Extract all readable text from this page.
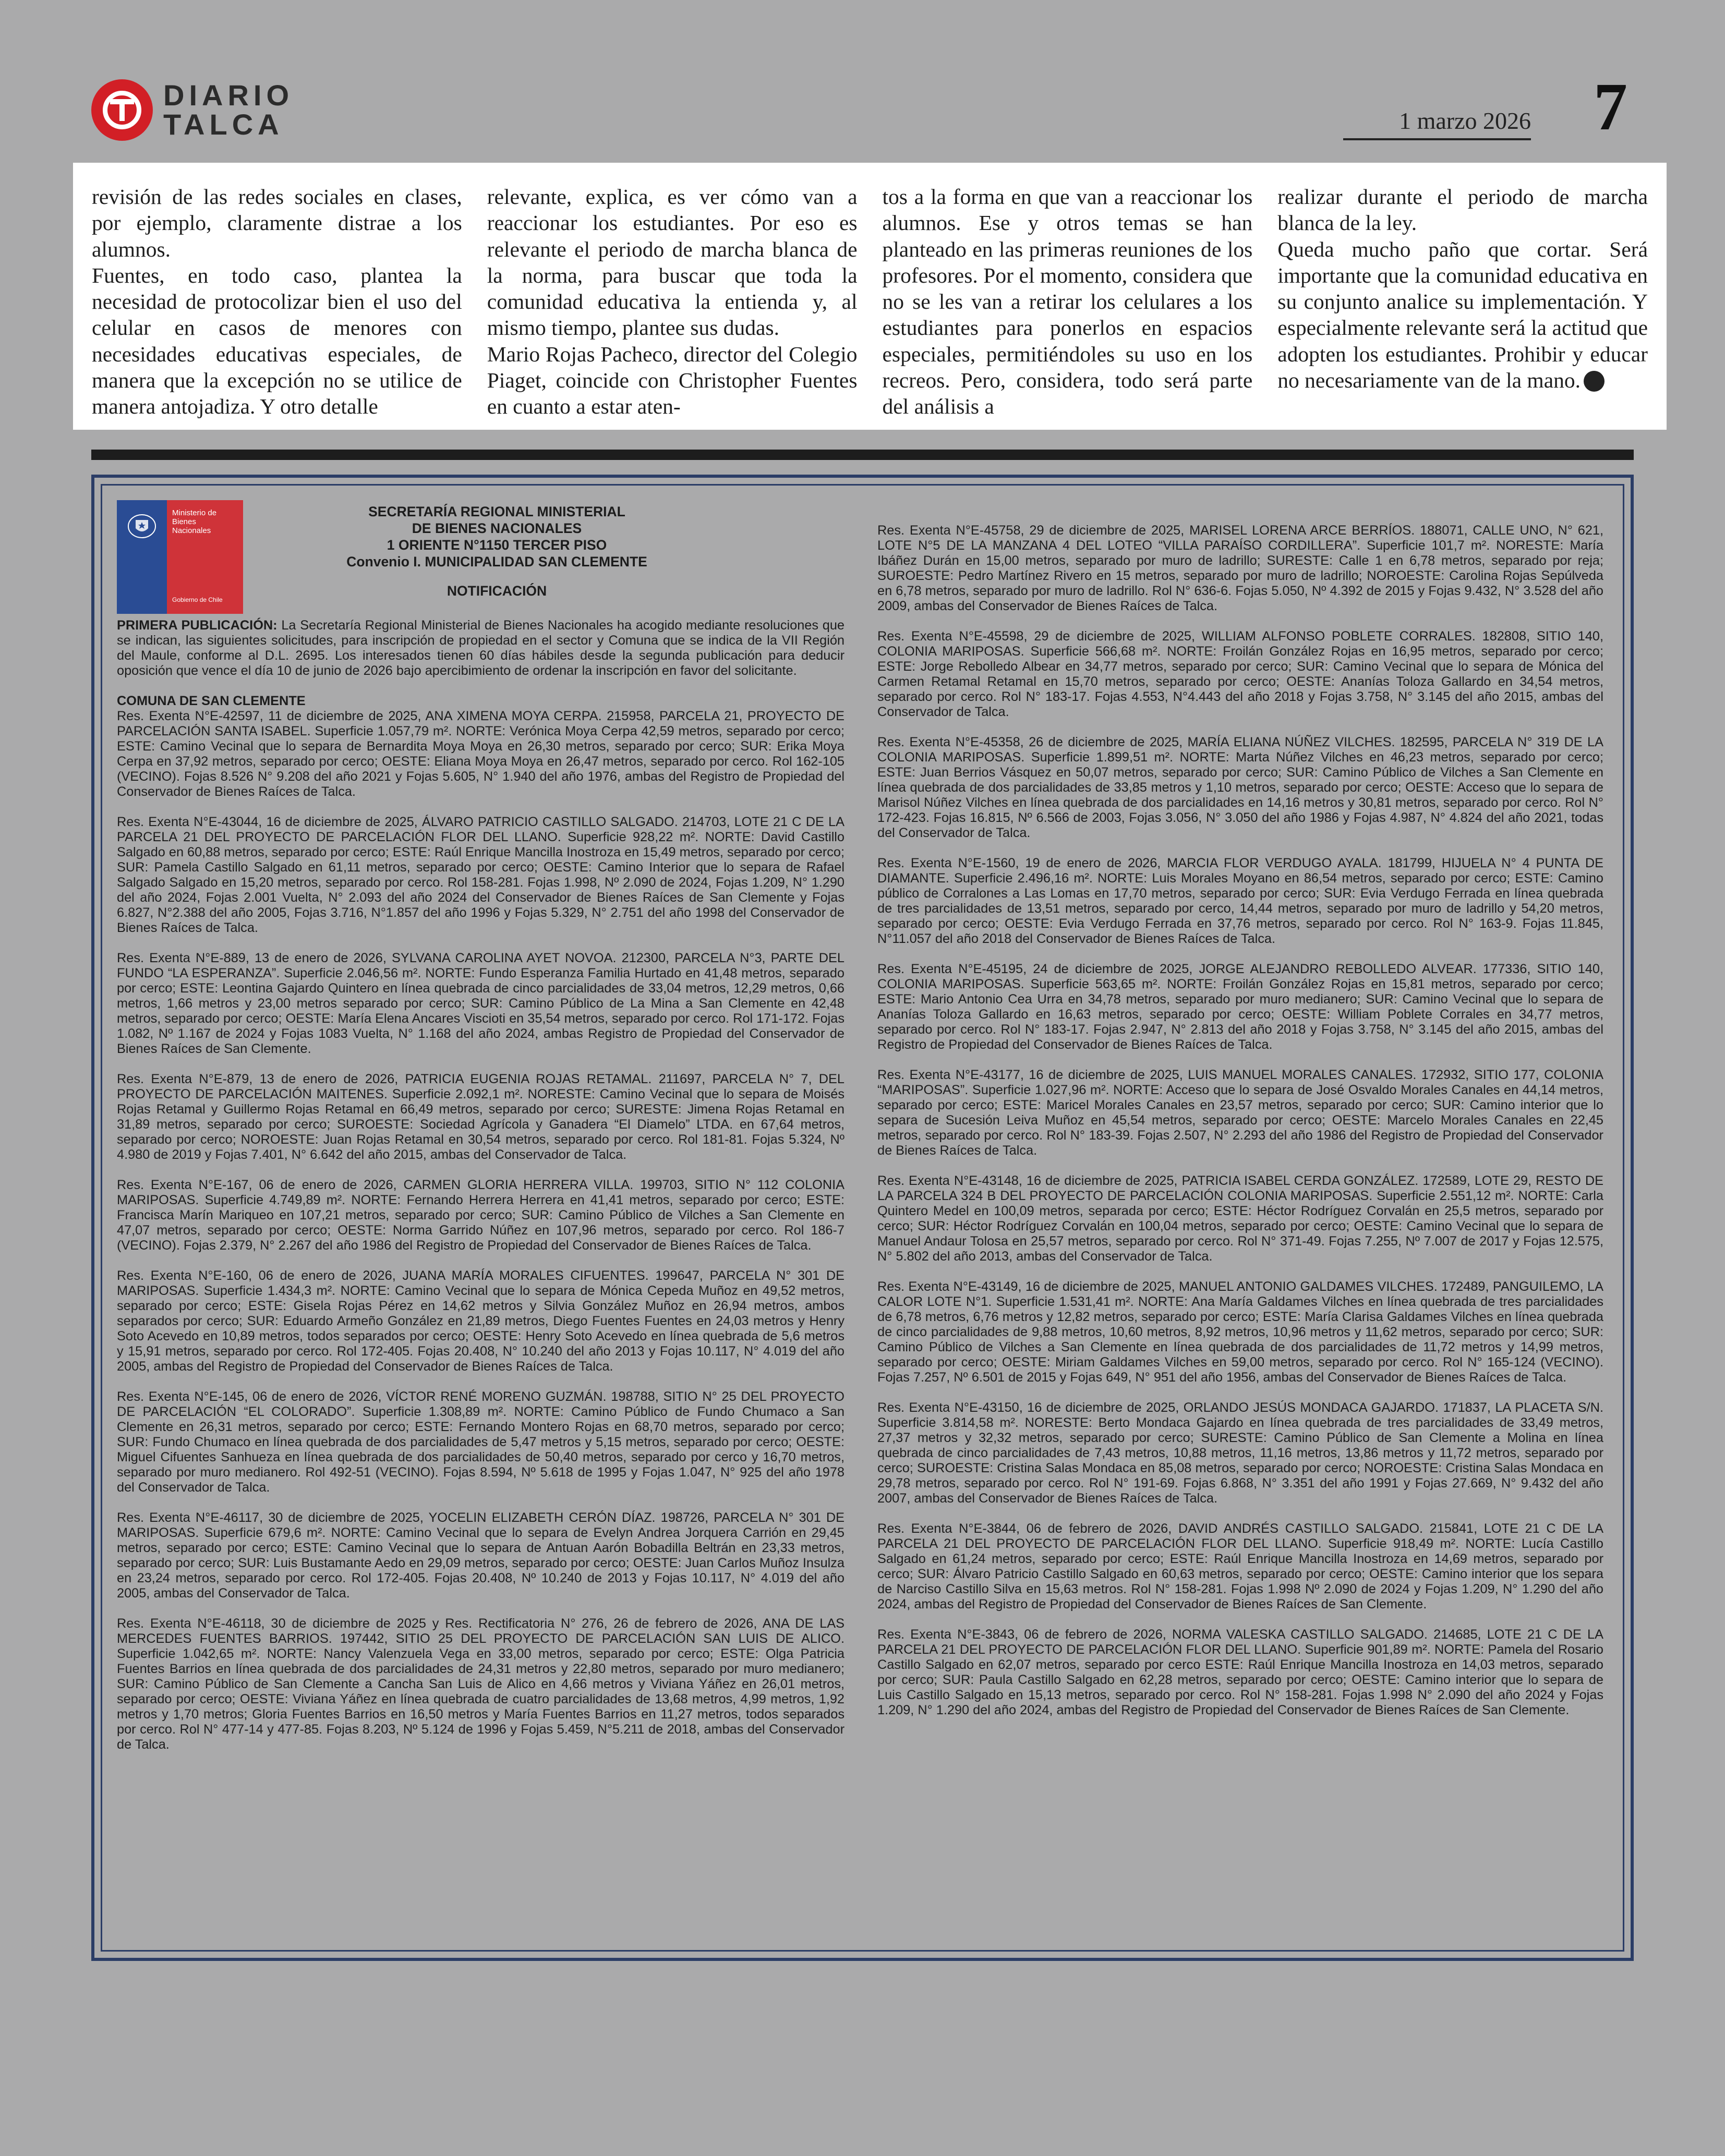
DIARIO
TALCA	1 marzo 2026 7
revisión de las redes sociales en clases, por ejemplo, claramente distrae a los alumnos.
Fuentes, en todo caso, plantea la necesidad de protocolizar bien el uso del celular en casos de menores con necesidades educativas especiales, de manera que la excepción no se utilice de manera antojadiza. Y otro detalle
relevante, explica, es ver cómo van a reaccionar los estudiantes. Por eso es relevante el periodo de marcha blanca de la norma, para buscar que toda la comunidad educativa la entienda y, al mismo tiempo, plantee sus dudas.
Mario Rojas Pacheco, director del Colegio Piaget, coincide con Christopher Fuentes en cuanto a estar aten-
tos a la forma en que van a reaccionar los alumnos. Ese y otros temas se han planteado en las primeras reuniones de los profesores. Por el momento, considera que no se les van a retirar los celulares a los estudiantes para ponerlos en espacios especiales, permitiéndoles su uso en los recreos. Pero, considera, todo será parte del análisis a
realizar durante el periodo de marcha blanca de la ley.
Queda mucho paño que cortar. Será importante que la comunidad educativa en su conjunto analice su implementación. Y especialmente relevante será la actitud que adopten los estudiantes. Prohibir y educar no necesariamente van de la mano.
Ministerio de
Bienes
Nacionales
Gobierno de Chile
SECRETARÍA REGIONAL MINISTERIAL
DE BIENES NACIONALES
1 ORIENTE N°1150 TERCER PISO
Convenio I. MUNICIPALIDAD SAN CLEMENTE
NOTIFICACIÓN

PRIMERA PUBLICACIÓN: La Secretaría Regional Ministerial de Bienes Nacionales ha acogido mediante resoluciones que se indican, las siguientes solicitudes, para inscripción de propiedad en el sector y Comuna que se indica de la VII Región del Maule, conforme al D.L. 2695. Los interesados tienen 60 días hábiles desde la segunda publicación para deducir oposición que vence el día 10 de junio de 2026 bajo apercibimiento de ordenar la inscripción en favor del solicitante.

COMUNA DE SAN CLEMENTE

Res. Exenta N°E-42597, 11 de diciembre de 2025, ANA XIMENA MOYA CERPA. 215958, PARCELA 21, PROYECTO DE PARCELACIÓN SANTA ISABEL. Superficie 1.057,79 m². NORTE: Verónica Moya Cerpa 42,59 metros, separado por cerco; ESTE: Camino Vecinal que lo separa de Bernardita Moya Moya en 26,30 metros, separado por cerco; SUR: Erika Moya Cerpa en 37,92 metros, separado por cerco; OESTE: Eliana Moya Moya en 26,47 metros, separado por cerco. Rol 162-105 (VECINO). Fojas 8.526 N° 9.208 del año 2021 y Fojas 5.605, N° 1.940 del año 1976, ambas del Registro de Propiedad del Conservador de Bienes Raíces de Talca.

Res. Exenta N°E-43044, 16 de diciembre de 2025, ÁLVARO PATRICIO CASTILLO SALGADO. 214703, LOTE 21 C DE LA PARCELA 21 DEL PROYECTO DE PARCELACIÓN FLOR DEL LLANO. Superficie 928,22 m². NORTE: David Castillo Salgado en 60,88 metros, separado por cerco; ESTE: Raúl Enrique Mancilla Inostroza en 15,49 metros, separado por cerco; SUR: Pamela Castillo Salgado en 61,11 metros, separado por cerco; OESTE: Camino Interior que lo separa de Rafael Salgado Salgado en 15,20 metros, separado por cerco. Rol 158-281. Fojas 1.998, Nº 2.090 de 2024, Fojas 1.209, N° 1.290 del año 2024, Fojas 2.001 Vuelta, N° 2.093 del año 2024 del Conservador de Bienes Raíces de San Clemente y Fojas 6.827, N°2.388 del año 2005, Fojas 3.716, N°1.857 del año 1996 y Fojas 5.329, N° 2.751 del año 1998 del Conservador de Bienes Raíces de Talca.

Res. Exenta N°E-889, 13 de enero de 2026, SYLVANA CAROLINA AYET NOVOA. 212300, PARCELA N°3, PARTE DEL FUNDO “LA ESPERANZA”. Superficie 2.046,56 m². NORTE: Fundo Esperanza Familia Hurtado en 41,48 metros, separado por cerco; ESTE: Leontina Gajardo Quintero en línea quebrada de cinco parcialidades de 33,04 metros, 12,29 metros, 0,66 metros, 1,66 metros y 23,00 metros separado por cerco; SUR: Camino Público de La Mina a San Clemente en 42,48 metros, separado por cerco; OESTE: María Elena Ancares Viscioti en 35,54 metros, separado por cerco. Rol 171-172. Fojas 1.082, Nº 1.167 de 2024 y Fojas 1083 Vuelta, N° 1.168 del año 2024, ambas Registro de Propiedad del Conservador de Bienes Raíces de San Clemente.

Res. Exenta N°E-879, 13 de enero de 2026, PATRICIA EUGENIA ROJAS RETAMAL. 211697, PARCELA N° 7, DEL PROYECTO DE PARCELACIÓN MAITENES. Superficie 2.092,1 m². NORESTE: Camino Vecinal que lo separa de Moisés Rojas Retamal y Guillermo Rojas Retamal en 66,49 metros, separado por cerco; SURESTE: Jimena Rojas Retamal en 31,89 metros, separado por cerco; SUROESTE: Sociedad Agrícola y Ganadera “El Diamelo” LTDA. en 67,64 metros, separado por cerco; NOROESTE: Juan Rojas Retamal en 30,54 metros, separado por cerco. Rol 181-81. Fojas 5.324, Nº 4.980 de 2019 y Fojas 7.401, N° 6.642 del año 2015, ambas del Conservador de Talca.

Res. Exenta N°E-167, 06 de enero de 2026, CARMEN GLORIA HERRERA VILLA. 199703, SITIO N° 112 COLONIA MARIPOSAS. Superficie 4.749,89 m². NORTE: Fernando Herrera Herrera en 41,41 metros, separado por cerco; ESTE: Francisca Marín Mariqueo en 107,21 metros, separado por cerco; SUR: Camino Público de Vilches a San Clemente en 47,07 metros, separado por cerco; OESTE: Norma Garrido Núñez en 107,96 metros, separado por cerco. Rol 186-7 (VECINO). Fojas 2.379, N° 2.267 del año 1986 del Registro de Propiedad del Conservador de Bienes Raíces de Talca.

Res. Exenta N°E-160, 06 de enero de 2026, JUANA MARÍA MORALES CIFUENTES. 199647, PARCELA N° 301 DE MARIPOSAS. Superficie 1.434,3 m². NORTE: Camino Vecinal que lo separa de Mónica Cepeda Muñoz en 49,52 metros, separado por cerco; ESTE: Gisela Rojas Pérez en 14,62 metros y Silvia González Muñoz en 26,94 metros, ambos separados por cerco; SUR: Eduardo Armeño González en 21,89 metros, Diego Fuentes Fuentes en 24,03 metros y Henry Soto Acevedo en 10,89 metros, todos separados por cerco; OESTE: Henry Soto Acevedo en línea quebrada de 5,6 metros y 15,91 metros, separado por cerco. Rol 172-405. Fojas 20.408, N° 10.240 del año 2013 y Fojas 10.117, N° 4.019 del año 2005, ambas del Registro de Propiedad del Conservador de Bienes Raíces de Talca.

Res. Exenta N°E-145, 06 de enero de 2026, VÍCTOR RENÉ MORENO GUZMÁN. 198788, SITIO N° 25 DEL PROYECTO DE PARCELACIÓN “EL COLORADO”. Superficie 1.308,89 m². NORTE: Camino Público de Fundo Chumaco a San Clemente en 26,31 metros, separado por cerco; ESTE: Fernando Montero Rojas en 68,70 metros, separado por cerco; SUR: Fundo Chumaco en línea quebrada de dos parcialidades de 5,47 metros y 5,15 metros, separado por cerco; OESTE: Miguel Cifuentes Sanhueza en línea quebrada de dos parcialidades de 50,40 metros, separado por cerco y 16,70 metros, separado por muro medianero. Rol 492-51 (VECINO). Fojas 8.594, Nº 5.618 de 1995 y Fojas 1.047, N° 925 del año 1978 del Conservador de Talca.

Res. Exenta N°E-46117, 30 de diciembre de 2025, YOCELIN ELIZABETH CERÓN DÍAZ. 198726, PARCELA N° 301 DE MARIPOSAS. Superficie 679,6 m². NORTE: Camino Vecinal que lo separa de Evelyn Andrea Jorquera Carrión en 29,45 metros, separado por cerco; ESTE: Camino Vecinal que lo separa de Antuan Aarón Bobadilla Beltrán en 23,33 metros, separado por cerco; SUR: Luis Bustamante Aedo en 29,09 metros, separado por cerco; OESTE: Juan Carlos Muñoz Insulza en 23,24 metros, separado por cerco. Rol 172-405. Fojas 20.408, Nº 10.240 de 2013 y Fojas 10.117, N° 4.019 del año 2005, ambas del Conservador de Talca.

Res. Exenta N°E-46118, 30 de diciembre de 2025 y Res. Rectificatoria N° 276, 26 de febrero de 2026, ANA DE LAS MERCEDES FUENTES BARRIOS. 197442, SITIO 25 DEL PROYECTO DE PARCELACIÓN SAN LUIS DE ALICO. Superficie 1.042,65 m². NORTE: Nancy Valenzuela Vega en 33,00 metros, separado por cerco; ESTE: Olga Patricia Fuentes Barrios en línea quebrada de dos parcialidades de 24,31 metros y 22,80 metros, separado por muro medianero; SUR: Camino Público de San Clemente a Cancha San Luis de Alico en 4,66 metros y Viviana Yáñez en 26,01 metros, separado por cerco; OESTE: Viviana Yáñez en línea quebrada de cuatro parcialidades de 13,68 metros, 4,99 metros, 1,92 metros y 1,70 metros; Gloria Fuentes Barrios en 16,50 metros y María Fuentes Barrios en 11,27 metros, todos separados por cerco. Rol N° 477-14 y 477-85. Fojas 8.203, Nº 5.124 de 1996 y Fojas 5.459, N°5.211 de 2018, ambas del Conservador de Talca.

Res. Exenta N°E-45758, 29 de diciembre de 2025, MARISEL LORENA ARCE BERRÍOS. 188071, CALLE UNO, N° 621, LOTE N°5 DE LA MANZANA 4 DEL LOTEO “VILLA PARAÍSO CORDILLERA”. Superficie 101,7 m². NORESTE: María Ibáñez Durán en 15,00 metros, separado por muro de ladrillo; SURESTE: Calle 1 en 6,78 metros, separado por reja; SUROESTE: Pedro Martínez Rivero en 15 metros, separado por muro de ladrillo; NOROESTE: Carolina Rojas Sepúlveda en 6,78 metros, separado por muro de ladrillo. Rol N° 636-6. Fojas 5.050, Nº 4.392 de 2015 y Fojas 9.432, N° 3.528 del año 2009, ambas del Conservador de Bienes Raíces de Talca.

Res. Exenta N°E-45598, 29 de diciembre de 2025, WILLIAM ALFONSO POBLETE CORRALES. 182808, SITIO 140, COLONIA MARIPOSAS. Superficie 566,68 m². NORTE: Froilán González Rojas en 16,95 metros, separado por cerco; ESTE: Jorge Rebolledo Albear en 34,77 metros, separado por cerco; SUR: Camino Vecinal que lo separa de Mónica del Carmen Retamal Retamal en 15,70 metros, separado por cerco; OESTE: Ananías Toloza Gallardo en 34,54 metros, separado por cerco. Rol N° 183-17. Fojas 4.553, N°4.443 del año 2018 y Fojas 3.758, N° 3.145 del año 2015, ambas del Conservador de Talca.

Res. Exenta N°E-45358, 26 de diciembre de 2025, MARÍA ELIANA NÚÑEZ VILCHES. 182595, PARCELA N° 319 DE LA COLONIA MARIPOSAS. Superficie 1.899,51 m². NORTE: Marta Núñez Vilches en 46,23 metros, separado por cerco; ESTE: Juan Berrios Vásquez en 50,07 metros, separado por cerco; SUR: Camino Público de Vilches a San Clemente en línea quebrada de dos parcialidades de 33,85 metros y 1,10 metros, separado por cerco; OESTE: Acceso que lo separa de Marisol Núñez Vilches en línea quebrada de dos parcialidades en 14,16 metros y 30,81 metros, separado por cerco. Rol N° 172-423. Fojas 16.815, Nº 6.566 de 2003, Fojas 3.056, N° 3.050 del año 1986 y Fojas 4.987, N° 4.824 del año 2021, todas del Conservador de Talca.

Res. Exenta N°E-1560, 19 de enero de 2026, MARCIA FLOR VERDUGO AYALA. 181799, HIJUELA N° 4 PUNTA DE DIAMANTE. Superficie 2.496,16 m². NORTE: Luis Morales Moyano en 86,54 metros, separado por cerco; ESTE: Camino público de Corralones a Las Lomas en 17,70 metros, separado por cerco; SUR: Evia Verdugo Ferrada en línea quebrada de tres parcialidades de 13,51 metros, separado por cerco, 14,44 metros, separado por muro de ladrillo y 54,20 metros, separado por cerco; OESTE: Evia Verdugo Ferrada en 37,76 metros, separado por cerco. Rol N° 163-9. Fojas 11.845, N°11.057 del año 2018 del Conservador de Bienes Raíces de Talca.

Res. Exenta N°E-45195, 24 de diciembre de 2025, JORGE ALEJANDRO REBOLLEDO ALVEAR. 177336, SITIO 140, COLONIA MARIPOSAS. Superficie 563,65 m². NORTE: Froilán González Rojas en 15,81 metros, separado por cerco; ESTE: Mario Antonio Cea Urra en 34,78 metros, separado por muro medianero; SUR: Camino Vecinal que lo separa de Ananías Toloza Gallardo en 16,63 metros, separado por cerco; OESTE: William Poblete Corrales en 34,77 metros, separado por cerco. Rol N° 183-17. Fojas 2.947, N° 2.813 del año 2018 y Fojas 3.758, N° 3.145 del año 2015, ambas del Registro de Propiedad del Conservador de Bienes Raíces de Talca.

Res. Exenta N°E-43177, 16 de diciembre de 2025, LUIS MANUEL MORALES CANALES. 172932, SITIO 177, COLONIA “MARIPOSAS”. Superficie 1.027,96 m². NORTE: Acceso que lo separa de José Osvaldo Morales Canales en 44,14 metros, separado por cerco; ESTE: Maricel Morales Canales en 23,57 metros, separado por cerco; SUR: Camino interior que lo separa de Sucesión Leiva Muñoz en 45,54 metros, separado por cerco; OESTE: Marcelo Morales Canales en 22,45 metros, separado por cerco. Rol N° 183-39. Fojas 2.507, N° 2.293 del año 1986 del Registro de Propiedad del Conservador de Bienes Raíces de Talca.

Res. Exenta N°E-43148, 16 de diciembre de 2025, PATRICIA ISABEL CERDA GONZÁLEZ. 172589, LOTE 29, RESTO DE LA PARCELA 324 B DEL PROYECTO DE PARCELACIÓN COLONIA MARIPOSAS. Superficie 2.551,12 m². NORTE: Carla Quintero Medel en 100,09 metros, separada por cerco; ESTE: Héctor Rodríguez Corvalán en 25,5 metros, separado por cerco; SUR: Héctor Rodríguez Corvalán en 100,04 metros, separado por cerco; OESTE: Camino Vecinal que lo separa de Manuel Andaur Tolosa en 25,57 metros, separado por cerco. Rol N° 371-49. Fojas 7.255, Nº 7.007 de 2017 y Fojas 12.575, N° 5.802 del año 2013, ambas del Conservador de Talca.

Res. Exenta N°E-43149, 16 de diciembre de 2025, MANUEL ANTONIO GALDAMES VILCHES. 172489, PANGUILEMO, LA CALOR LOTE N°1. Superficie 1.531,41 m². NORTE: Ana María Galdames Vilches en línea quebrada de tres parcialidades de 6,78 metros, 6,76 metros y 12,82 metros, separado por cerco; ESTE: María Clarisa Galdames Vilches en línea quebrada de cinco parcialidades de 9,88 metros, 10,60 metros, 8,92 metros, 10,96 metros y 11,62 metros, separado por cerco; SUR: Camino Público de Vilches a San Clemente en línea quebrada de dos parcialidades de 11,72 metros y 14,99 metros, separado por cerco; OESTE: Miriam Galdames Vilches en 59,00 metros, separado por cerco. Rol N° 165-124 (VECINO). Fojas 7.257, Nº 6.501 de 2015 y Fojas 649, N° 951 del año 1956, ambas del Conservador de Bienes Raíces de Talca.

Res. Exenta N°E-43150, 16 de diciembre de 2025, ORLANDO JESÚS MONDACA GAJARDO. 171837, LA PLACETA S/N. Superficie 3.814,58 m². NORESTE: Berto Mondaca Gajardo en línea quebrada de tres parcialidades de 33,49 metros, 27,37 metros y 32,32 metros, separado por cerco; SURESTE: Camino Público de San Clemente a Molina en línea quebrada de cinco parcialidades de 7,43 metros, 10,88 metros, 11,16 metros, 13,86 metros y 11,72 metros, separado por cerco; SUROESTE: Cristina Salas Mondaca en 85,08 metros, separado por cerco; NOROESTE: Cristina Salas Mondaca en 29,78 metros, separado por cerco. Rol N° 191-69. Fojas 6.868, N° 3.351 del año 1991 y Fojas 27.669, N° 9.432 del año 2007, ambas del Conservador de Bienes Raíces de Talca.

Res. Exenta N°E-3844, 06 de febrero de 2026, DAVID ANDRÉS CASTILLO SALGADO. 215841, LOTE 21 C DE LA PARCELA 21 DEL PROYECTO DE PARCELACIÓN FLOR DEL LLANO. Superficie 918,49 m². NORTE: Lucía Castillo Salgado en 61,24 metros, separado por cerco; ESTE: Raúl Enrique Mancilla Inostroza en 14,69 metros, separado por cerco; SUR: Álvaro Patricio Castillo Salgado en 60,63 metros, separado por cerco; OESTE: Camino interior que los separa de Narciso Castillo Silva en 15,63 metros. Rol N° 158-281. Fojas 1.998 Nº 2.090 de 2024 y Fojas 1.209, N° 1.290 del año 2024, ambas del Registro de Propiedad del Conservador de Bienes Raíces de San Clemente.

Res. Exenta N°E-3843, 06 de febrero de 2026, NORMA VALESKA CASTILLO SALGADO. 214685, LOTE 21 C DE LA PARCELA 21 DEL PROYECTO DE PARCELACIÓN FLOR DEL LLANO. Superficie 901,89 m². NORTE: Pamela del Rosario Castillo Salgado en 62,07 metros, separado por cerco ESTE: Raúl Enrique Mancilla Inostroza en 14,03 metros, separado por cerco; SUR: Paula Castillo Salgado en 62,28 metros, separado por cerco; OESTE: Camino interior que lo separa de Luis Castillo Salgado en 15,13 metros, separado por cerco. Rol N° 158-281. Fojas 1.998 N° 2.090 del año 2024 y Fojas 1.209, N° 1.290 del año 2024, ambas del Registro de Propiedad del Conservador de Bienes Raíces de San Clemente.
